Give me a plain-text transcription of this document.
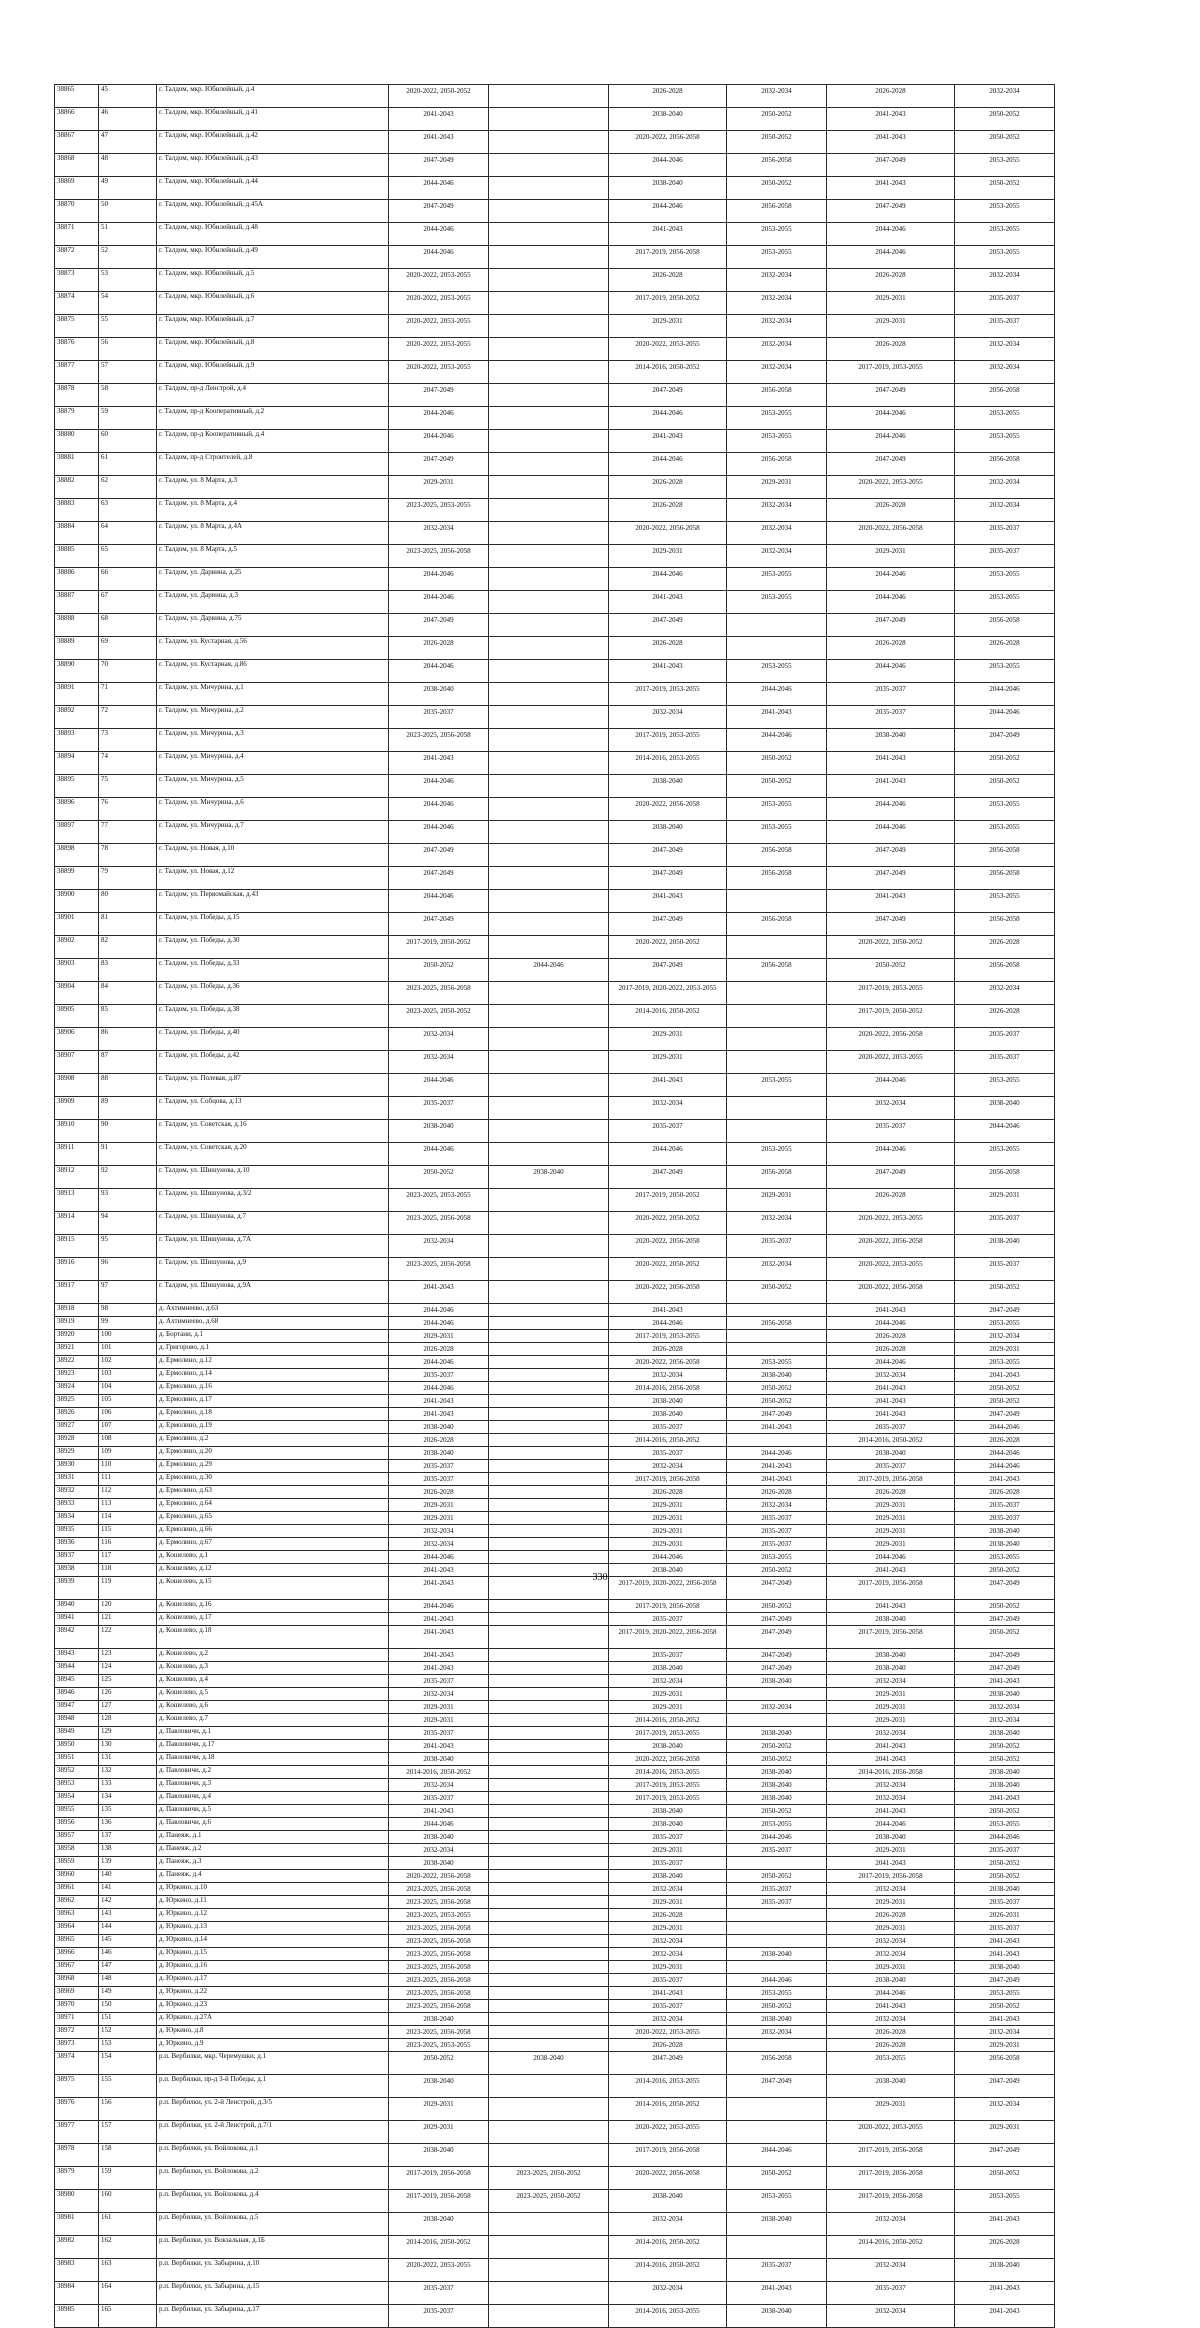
38865	45	г. Талдом, мкр. Юбилейный, д.4	2020-2022, 2050-2052		2026-2028	2032-2034	2026-2028	2032-2034
38866	46	г. Талдом, мкр. Юбилейный, д.41	2041-2043		2038-2040	2050-2052	2041-2043	2050-2052
38867	47	г. Талдом, мкр. Юбилейный, д.42	2041-2043		2020-2022, 2056-2058	2050-2052	2041-2043	2050-2052
38868	48	г. Талдом, мкр. Юбилейный, д.43	2047-2049		2044-2046	2056-2058	2047-2049	2053-2055
38869	49	г. Талдом, мкр. Юбилейный, д.44	2044-2046		2038-2040	2050-2052	2041-2043	2050-2052
38870	50	г. Талдом, мкр. Юбилейный, д.45А	2047-2049		2044-2046	2056-2058	2047-2049	2053-2055
38871	51	г. Талдом, мкр. Юбилейный, д.48	2044-2046		2041-2043	2053-2055	2044-2046	2053-2055
38872	52	г. Талдом, мкр. Юбилейный, д.49	2044-2046		2017-2019, 2056-2058	2053-2055	2044-2046	2053-2055
38873	53	г. Талдом, мкр. Юбилейный, д.5	2020-2022, 2053-2055		2026-2028	2032-2034	2026-2028	2032-2034
38874	54	г. Талдом, мкр. Юбилейный, д.6	2020-2022, 2053-2055		2017-2019, 2050-2052	2032-2034	2029-2031	2035-2037
38875	55	г. Талдом, мкр. Юбилейный, д.7	2020-2022, 2053-2055		2029-2031	2032-2034	2029-2031	2035-2037
38876	56	г. Талдом, мкр. Юбилейный, д.8	2020-2022, 2053-2055		2020-2022, 2053-2055	2032-2034	2026-2028	2032-2034
38877	57	г. Талдом, мкр. Юбилейный, д.9	2020-2022, 2053-2055		2014-2016, 2050-2052	2032-2034	2017-2019, 2053-2055	2032-2034
38878	58	г. Талдом, пр-д Ленстрой, д.4	2047-2049		2047-2049	2056-2058	2047-2049	2056-2058
38879	59	г. Талдом, пр-д Кооперативный, д.2	2044-2046		2044-2046	2053-2055	2044-2046	2053-2055
38880	60	г. Талдом, пр-д Кооперативный, д.4	2044-2046		2041-2043	2053-2055	2044-2046	2053-2055
38881	61	г. Талдом, пр-д Строителей, д.8	2047-2049		2044-2046	2056-2058	2047-2049	2056-2058
38882	62	г. Талдом, ул. 8 Марта, д.3	2029-2031		2026-2028	2029-2031	2020-2022, 2053-2055	2032-2034
38883	63	г. Талдом, ул. 8 Марта, д.4	2023-2025, 2053-2055		2026-2028	2032-2034	2026-2028	2032-2034
38884	64	г. Талдом, ул. 8 Марта, д.4А	2032-2034		2020-2022, 2056-2058	2032-2034	2020-2022, 2056-2058	2035-2037
38885	65	г. Талдом, ул. 8 Марта, д.5	2023-2025, 2056-2058		2029-2031	2032-2034	2029-2031	2035-2037
38886	66	г. Талдом, ул. Дарвина, д.25	2044-2046		2044-2046	2053-2055	2044-2046	2053-2055
38887	67	г. Талдом, ул. Дарвина, д.3	2044-2046		2041-2043	2053-2055	2044-2046	2053-2055
38888	68	г. Талдом, ул. Дарвина, д.75	2047-2049		2047-2049		2047-2049	2056-2058
38889	69	г. Талдом, ул. Кустарная, д.56	2026-2028		2026-2028		2026-2028	2026-2028
38890	70	г. Талдом, ул. Кустарная, д.86	2044-2046		2041-2043	2053-2055	2044-2046	2053-2055
38891	71	г. Талдом, ул. Мичурина, д.1	2038-2040		2017-2019, 2053-2055	2044-2046	2035-2037	2044-2046
38892	72	г. Талдом, ул. Мичурина, д.2	2035-2037		2032-2034	2041-2043	2035-2037	2044-2046
38893	73	г. Талдом, ул. Мичурина, д.3	2023-2025, 2056-2058		2017-2019, 2053-2055	2044-2046	2038-2040	2047-2049
38894	74	г. Талдом, ул. Мичурина, д.4	2041-2043		2014-2016, 2053-2055	2050-2052	2041-2043	2050-2052
38895	75	г. Талдом, ул. Мичурина, д.5	2044-2046		2038-2040	2050-2052	2041-2043	2050-2052
38896	76	г. Талдом, ул. Мичурина, д.6	2044-2046		2020-2022, 2056-2058	2053-2055	2044-2046	2053-2055
38897	77	г. Талдом, ул. Мичурина, д.7	2044-2046		2038-2040	2053-2055	2044-2046	2053-2055
38898	78	г. Талдом, ул. Новая, д.10	2047-2049		2047-2049	2056-2058	2047-2049	2056-2058
38899	79	г. Талдом, ул. Новая, д.12	2047-2049		2047-2049	2056-2058	2047-2049	2056-2058
38900	80	г. Талдом, ул. Первомайская, д.43	2044-2046		2041-2043		2041-2043	2053-2055
38901	81	г. Талдом, ул. Победы, д.15	2047-2049		2047-2049	2056-2058	2047-2049	2056-2058
38902	82	г. Талдом, ул. Победы, д.30	2017-2019, 2050-2052		2020-2022, 2050-2052		2020-2022, 2050-2052	2026-2028
38903	83	г. Талдом, ул. Победы, д.33	2050-2052	2044-2046	2047-2049	2056-2058	2050-2052	2056-2058
38904	84	г. Талдом, ул. Победы, д.36	2023-2025, 2056-2058		2017-2019, 2020-2022, 2053-2055		2017-2019, 2053-2055	2032-2034
38905	85	г. Талдом, ул. Победы, д.38	2023-2025, 2050-2052		2014-2016, 2050-2052		2017-2019, 2050-2052	2026-2028
38906	86	г. Талдом, ул. Победы, д.40	2032-2034		2029-2031		2020-2022, 2056-2058	2035-2037
38907	87	г. Талдом, ул. Победы, д.42	2032-2034		2029-2031		2020-2022, 2053-2055	2035-2037
38908	88	г. Талдом, ул. Полевая, д.87	2044-2046		2041-2043	2053-2055	2044-2046	2053-2055
38909	89	г. Талдом, ул. Собцова, д.13	2035-2037		2032-2034		2032-2034	2038-2040
38910	90	г. Талдом, ул. Советская, д.16	2038-2040		2035-2037		2035-2037	2044-2046
38911	91	г. Талдом, ул. Советская, д.20	2044-2046		2044-2046	2053-2055	2044-2046	2053-2055
38912	92	г. Талдом, ул. Шишунова, д.10	2050-2052	2038-2040	2047-2049	2056-2058	2047-2049	2056-2058
38913	93	г. Талдом, ул. Шишунова, д.3/2	2023-2025, 2053-2055		2017-2019, 2050-2052	2029-2031	2026-2028	2029-2031
38914	94	г. Талдом, ул. Шишунова, д.7	2023-2025, 2056-2058		2020-2022, 2050-2052	2032-2034	2020-2022, 2053-2055	2035-2037
38915	95	г. Талдом, ул. Шишунова, д.7А	2032-2034		2020-2022, 2056-2058	2035-2037	2020-2022, 2056-2058	2038-2040
38916	96	г. Талдом, ул. Шишунова, д.9	2023-2025, 2056-2058		2020-2022, 2050-2052	2032-2034	2020-2022, 2053-2055	2035-2037
38917	97	г. Талдом, ул. Шишунова, д.9А	2041-2043		2020-2022, 2056-2058	2050-2052	2020-2022, 2056-2058	2050-2052
38918	98	д. Ахтимнеево, д.63	2044-2046		2041-2043		2041-2043	2047-2049
38919	99	д. Ахтимнеево, д.68	2044-2046		2044-2046	2056-2058	2044-2046	2053-2055
38920	100	д. Бортани, д.1	2029-2031		2017-2019, 2053-2055		2026-2028	2032-2034
38921	101	д. Григорово, д.1	2026-2028		2026-2028		2026-2028	2029-2031
38922	102	д. Ермолино, д.12	2044-2046		2020-2022, 2056-2058	2053-2055	2044-2046	2053-2055
38923	103	д. Ермолино, д.14	2035-2037		2032-2034	2038-2040	2032-2034	2041-2043
38924	104	д. Ермолино, д.16	2044-2046		2014-2016, 2056-2058	2050-2052	2041-2043	2050-2052
38925	105	д. Ермолино, д.17	2041-2043		2038-2040	2050-2052	2041-2043	2050-2052
38926	106	д. Ермолино, д.18	2041-2043		2038-2040	2047-2049	2041-2043	2047-2049
38927	107	д. Ермолино, д.19	2038-2040		2035-2037	2041-2043	2035-2037	2044-2046
38928	108	д. Ермолино, д.2	2026-2028		2014-2016, 2050-2052		2014-2016, 2050-2052	2026-2028
38929	109	д. Ермолино, д.20	2038-2040		2035-2037	2044-2046	2038-2040	2044-2046
38930	110	д. Ермолино, д.29	2035-2037		2032-2034	2041-2043	2035-2037	2044-2046
38931	111	д. Ермолино, д.30	2035-2037		2017-2019, 2056-2058	2041-2043	2017-2019, 2056-2058	2041-2043
38932	112	д. Ермолино, д.63	2026-2028		2026-2028	2026-2028	2026-2028	2026-2028
38933	113	д. Ермолино, д.64	2029-2031		2029-2031	2032-2034	2029-2031	2035-2037
38934	114	д. Ермолино, д.65	2029-2031		2029-2031	2035-2037	2029-2031	2035-2037
38935	115	д. Ермолино, д.66	2032-2034		2029-2031	2035-2037	2029-2031	2038-2040
38936	116	д. Ермолино, д.67	2032-2034		2029-2031	2035-2037	2029-2031	2038-2040
38937	117	д. Кошелево, д.1	2044-2046		2044-2046	2053-2055	2044-2046	2053-2055
38938	118	д. Кошелево, д.12	2041-2043		2038-2040	2050-2052	2041-2043	2050-2052
38939	119	д. Кошелево, д.15	2041-2043		2017-2019, 2020-2022, 2056-2058	2047-2049	2017-2019, 2056-2058	2047-2049
38940	120	д. Кошелево, д.16	2044-2046		2017-2019, 2056-2058	2050-2052	2041-2043	2050-2052
38941	121	д. Кошелево, д.17	2041-2043		2035-2037	2047-2049	2038-2040	2047-2049
38942	122	д. Кошелево, д.18	2041-2043		2017-2019, 2020-2022, 2056-2058	2047-2049	2017-2019, 2056-2058	2050-2052
38943	123	д. Кошелево, д.2	2041-2043		2035-2037	2047-2049	2038-2040	2047-2049
38944	124	д. Кошелево, д.3	2041-2043		2038-2040	2047-2049	2038-2040	2047-2049
38945	125	д. Кошелево, д.4	2035-2037		2032-2034	2038-2040	2032-2034	2041-2043
38946	126	д. Кошелево, д.5	2032-2034		2029-2031		2029-2031	2038-2040
38947	127	д. Кошелево, д.6	2029-2031		2029-2031	2032-2034	2029-2031	2032-2034
38948	128	д. Кошелево, д.7	2029-2031		2014-2016, 2050-2052		2029-2031	2032-2034
38949	129	д. Павловичи, д.1	2035-2037		2017-2019, 2053-2055	2038-2040	2032-2034	2038-2040
38950	130	д. Павловичи, д.17	2041-2043		2038-2040	2050-2052	2041-2043	2050-2052
38951	131	д. Павловичи, д.18	2038-2040		2020-2022, 2056-2058	2050-2052	2041-2043	2050-2052
38952	132	д. Павловичи, д.2	2014-2016, 2050-2052		2014-2016, 2053-2055	2038-2040	2014-2016, 2056-2058	2038-2040
38953	133	д. Павловичи, д.3	2032-2034		2017-2019, 2053-2055	2038-2040	2032-2034	2038-2040
38954	134	д. Павловичи, д.4	2035-2037		2017-2019, 2053-2055	2038-2040	2032-2034	2041-2043
38955	135	д. Павловичи, д.5	2041-2043		2038-2040	2050-2052	2041-2043	2050-2052
38956	136	д. Павловичи, д.6	2044-2046		2038-2040	2053-2055	2044-2046	2053-2055
38957	137	д. Панеяж, д.1	2038-2040		2035-2037	2044-2046	2038-2040	2044-2046
38958	138	д. Панеяж, д.2	2032-2034		2029-2031	2035-2037	2029-2031	2035-2037
38959	139	д. Панеяж, д.3	2038-2040		2035-2037		2041-2043	2050-2052
38960	140	д. Панеяж, д.4	2020-2022, 2056-2058		2038-2040	2050-2052	2017-2019, 2056-2058	2050-2052
38961	141	д. Юркино, д.10	2023-2025, 2056-2058		2032-2034	2035-2037	2032-2034	2038-2040
38962	142	д. Юркино, д.11	2023-2025, 2056-2058		2029-2031	2035-2037	2029-2031	2035-2037
38963	143	д. Юркино, д.12	2023-2025, 2053-2055		2026-2028		2026-2028	2026-2031
38964	144	д. Юркино, д.13	2023-2025, 2056-2058		2029-2031		2029-2031	2035-2037
38965	145	д. Юркино, д.14	2023-2025, 2056-2058		2032-2034		2032-2034	2041-2043
38966	146	д. Юркино, д.15	2023-2025, 2056-2058		2032-2034	2038-2040	2032-2034	2041-2043
38967	147	д. Юркино, д.16	2023-2025, 2056-2058		2029-2031		2029-2031	2038-2040
38968	148	д. Юркино, д.17	2023-2025, 2056-2058		2035-2037	2044-2046	2038-2040	2047-2049
38969	149	д. Юркино, д.22	2023-2025, 2056-2058		2041-2043	2053-2055	2044-2046	2053-2055
38970	150	д. Юркино, д.23	2023-2025, 2056-2058		2035-2037	2050-2052	2041-2043	2050-2052
38971	151	д. Юркино, д.27А	2038-2040		2032-2034	2038-2040	2032-2034	2041-2043
38972	152	д. Юркино, д.8	2023-2025, 2056-2058		2020-2022, 2053-2055	2032-2034	2026-2028	2032-2034
38973	153	д. Юркино, д.9	2023-2025, 2053-2055		2026-2028		2026-2028	2029-2031
38974	154	р.п. Вербилки, мкр. Черемушки, д.1	2050-2052	2038-2040	2047-2049	2056-2058	2053-2055	2056-2058
38975	155	р.п. Вербилки, пр-д 3-й Победы, д.1	2038-2040		2014-2016, 2053-2055	2047-2049	2038-2040	2047-2049
38976	156	р.п. Вербилки, ул. 2-й Ленстрой, д.3/5	2029-2031		2014-2016, 2050-2052		2029-2031	2032-2034
38977	157	р.п. Вербилки, ул. 2-й Ленстрой, д.7/1	2029-2031		2020-2022, 2053-2055		2020-2022, 2053-2055	2029-2031
38978	158	р.п. Вербилки, ул. Войлокова, д.1	2038-2040		2017-2019, 2056-2058	2044-2046	2017-2019, 2056-2058	2047-2049
38979	159	р.п. Вербилки, ул. Войлокова, д.2	2017-2019, 2056-2058	2023-2025, 2050-2052	2020-2022, 2056-2058	2050-2052	2017-2019, 2056-2058	2050-2052
38980	160	р.п. Вербилки, ул. Войлокова, д.4	2017-2019, 2056-2058	2023-2025, 2050-2052	2038-2040	2053-2055	2017-2019, 2056-2058	2053-2055
38981	161	р.п. Вербилки, ул. Войлокова, д.5	2038-2040		2032-2034	2038-2040	2032-2034	2041-2043
38982	162	р.п. Вербилки, ул. Вокзальная, д.1Б	2014-2016, 2050-2052		2014-2016, 2050-2052		2014-2016, 2050-2052	2026-2028
38983	163	р.п. Вербилки, ул. Забырина, д.10	2020-2022, 2053-2055		2014-2016, 2050-2052	2035-2037	2032-2034	2038-2040
38984	164	р.п. Вербилки, ул. Забырина, д.15	2035-2037		2032-2034	2041-2043	2035-2037	2041-2043
38985	165	р.п. Вербилки, ул. Забырина, д.17	2035-2037		2014-2016, 2053-2055	2038-2040	2032-2034	2041-2043
330
